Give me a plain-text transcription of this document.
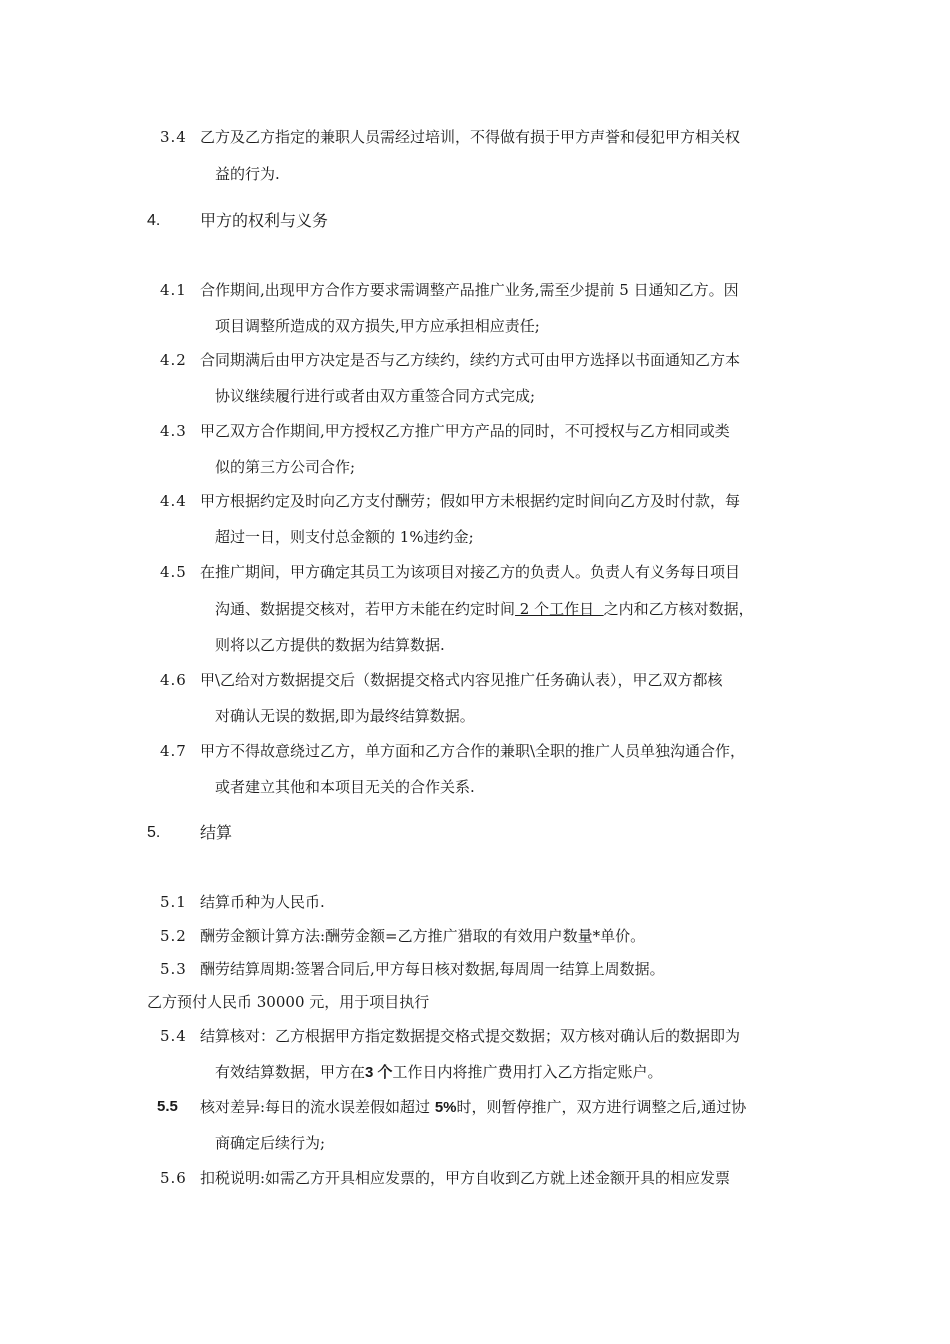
3.4 乙方及乙方指定的兼职人员需经过培训，不得做有损于甲方声誉和侵犯甲方相关权
益的行为.
4. 甲方的权利与义务
4.1 合作期间,出现甲方合作方要求需调整产品推广业务,需至少提前 5 日通知乙方。因
项目调整所造成的双方损失,甲方应承担相应责任;
4.2 合同期满后由甲方决定是否与乙方续约，续约方式可由甲方选择以书面通知乙方本
协议继续履行进行或者由双方重签合同方式完成;
4.3 甲乙双方合作期间,甲方授权乙方推广甲方产品的同时，不可授权与乙方相同或类
似的第三方公司合作;
4.4 甲方根据约定及时向乙方支付酬劳；假如甲方未根据约定时间向乙方及时付款，每
超过一日，则支付总金额的 1%违约金;
4.5 在推广期间，甲方确定其员工为该项目对接乙方的负责人。负责人有义务每日项目
沟通、数据提交核对，若甲方未能在约定时间 2 个工作日  之内和乙方核对数据，
则将以乙方提供的数据为结算数据.
4.6 甲\乙给对方数据提交后（数据提交格式内容见推广任务确认表），甲乙双方都核
对确认无误的数据,即为最终结算数据。
4.7 甲方不得故意绕过乙方，单方面和乙方合作的兼职\全职的推广人员单独沟通合作，
或者建立其他和本项目无关的合作关系.
5. 结算
5.1 结算币种为人民币.
5.2 酬劳金额计算方法:酬劳金额=乙方推广猎取的有效用户数量*单价。
5.3 酬劳结算周期:签署合同后,甲方每日核对数据,每周周一结算上周数据。
乙方预付人民币 30000 元，用于项目执行
5.4 结算核对：乙方根据甲方指定数据提交格式提交数据；双方核对确认后的数据即为
有效结算数据，甲方在3 个工作日内将推广费用打入乙方指定账户。
5.5 核对差异:每日的流水误差假如超过 5%时，则暂停推广，双方进行调整之后,通过协
商确定后续行为;
5.6 扣税说明:如需乙方开具相应发票的，甲方自收到乙方就上述金额开具的相应发票
